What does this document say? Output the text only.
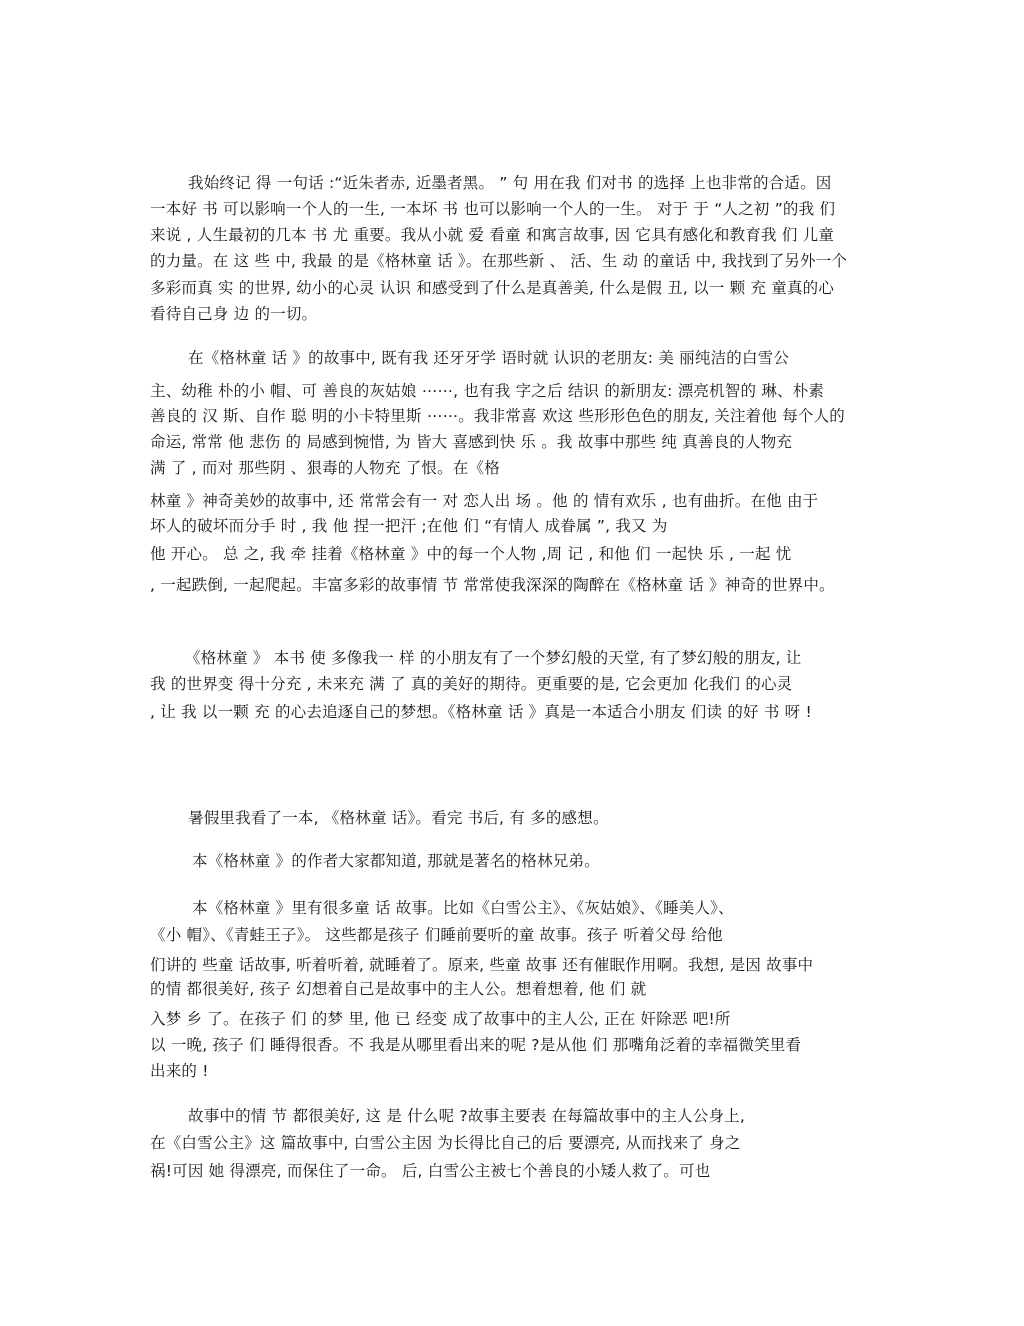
我始终记 得 一句话 :“近朱者赤, 近墨者黑。 ” 句 用在我 们对书 的选择 上也非常的合适。因
一本好 书 可以影响一个人的一生, 一本坏 书 也可以影响一个人的一生。 对于 于 “人之初 ”的我 们
来说 , 人生最初的几本 书 尤 重要。我从小就 爱 看童 和寓言故事, 因 它具有感化和教育我 们 儿童
的力量。在 这 些 中, 我最 的是《格林童 话 》。在那些新 、 活、生 动 的童话 中, 我找到了另外一个
多彩而真 实 的世界, 幼小的心灵 认识 和感受到了什么是真善美, 什么是假 丑, 以一 颗 充 童真的心
看待自己身 边 的一切。
在《格林童 话 》的故事中, 既有我 还牙牙学 语时就 认识的老朋友: 美 丽纯洁的白雪公
主、幼稚 朴的小 帽、可 善良的灰姑娘 ⋯⋯, 也有我 字之后 结识 的新朋友: 漂亮机智的 琳、朴素
善良的 汉 斯、自作 聪 明的小卡特里斯 ⋯⋯。我非常喜 欢这 些形形色色的朋友, 关注着他 每个人的
命运, 常常 他 悲伤 的 局感到惋惜, 为 皆大 喜感到快 乐 。我 故事中那些 纯 真善良的人物充
满 了 , 而对 那些阴 、狠毒的人物充 了恨。在《格
林童 》神奇美妙的故事中, 还 常常会有一 对 恋人出 场 。他 的 情有欢乐 , 也有曲折。在他 由于
坏人的破坏而分手 时 , 我 他 捏一把汗 ;在他 们 “有情人 成眷属 ”, 我又 为
他 开心。 总 之, 我 牵 挂着《格林童 》中的每一个人物 ,周 记 , 和他 们 一起快 乐 , 一起 忧
, 一起跌倒, 一起爬起。丰富多彩的故事情 节 常常使我深深的陶醉在《格林童 话 》神奇的世界中。
《格林童 》 本书 使 多像我一 样 的小朋友有了一个梦幻般的天堂, 有了梦幻般的朋友, 让
我 的世界变 得十分充 , 未来充 满 了 真的美好的期待。更重要的是, 它会更加 化我们 的心灵
, 让 我 以一颗 充 的心去追逐自己的梦想。《格林童 话 》真是一本适合小朋友 们读 的好 书 呀 !
暑假里我看了一本, 《格林童 话》。看完 书后, 有 多的感想。
本《格林童 》的作者大家都知道, 那就是著名的格林兄弟。
本《格林童 》里有很多童 话 故事。比如《白雪公主》、《灰姑娘》、《睡美人》、
《小 帽》、《青蛙王子》。 这些都是孩子 们睡前要听的童 故事。孩子 听着父母 给他
们讲的 些童 话故事, 听着听着, 就睡着了。原来, 些童 故事 还有催眠作用啊。我想, 是因 故事中
的情 都很美好, 孩子 幻想着自己是故事中的主人公。想着想着, 他 们 就
入梦 乡 了。在孩子 们 的梦 里, 他 已 经变 成了故事中的主人公, 正在 奸除恶 吧!所
以 一晚, 孩子 们 睡得很香。不 我是从哪里看出来的呢 ?是从他 们 那嘴角泛着的幸福微笑里看
出来的 !
故事中的情 节 都很美好, 这 是 什么呢 ?故事主要表 在每篇故事中的主人公身上,
在《白雪公主》这 篇故事中, 白雪公主因 为长得比自己的后 要漂亮, 从而找来了 身之
祸!可因 她 得漂亮, 而保住了一命。 后, 白雪公主被七个善良的小矮人救了。可也
